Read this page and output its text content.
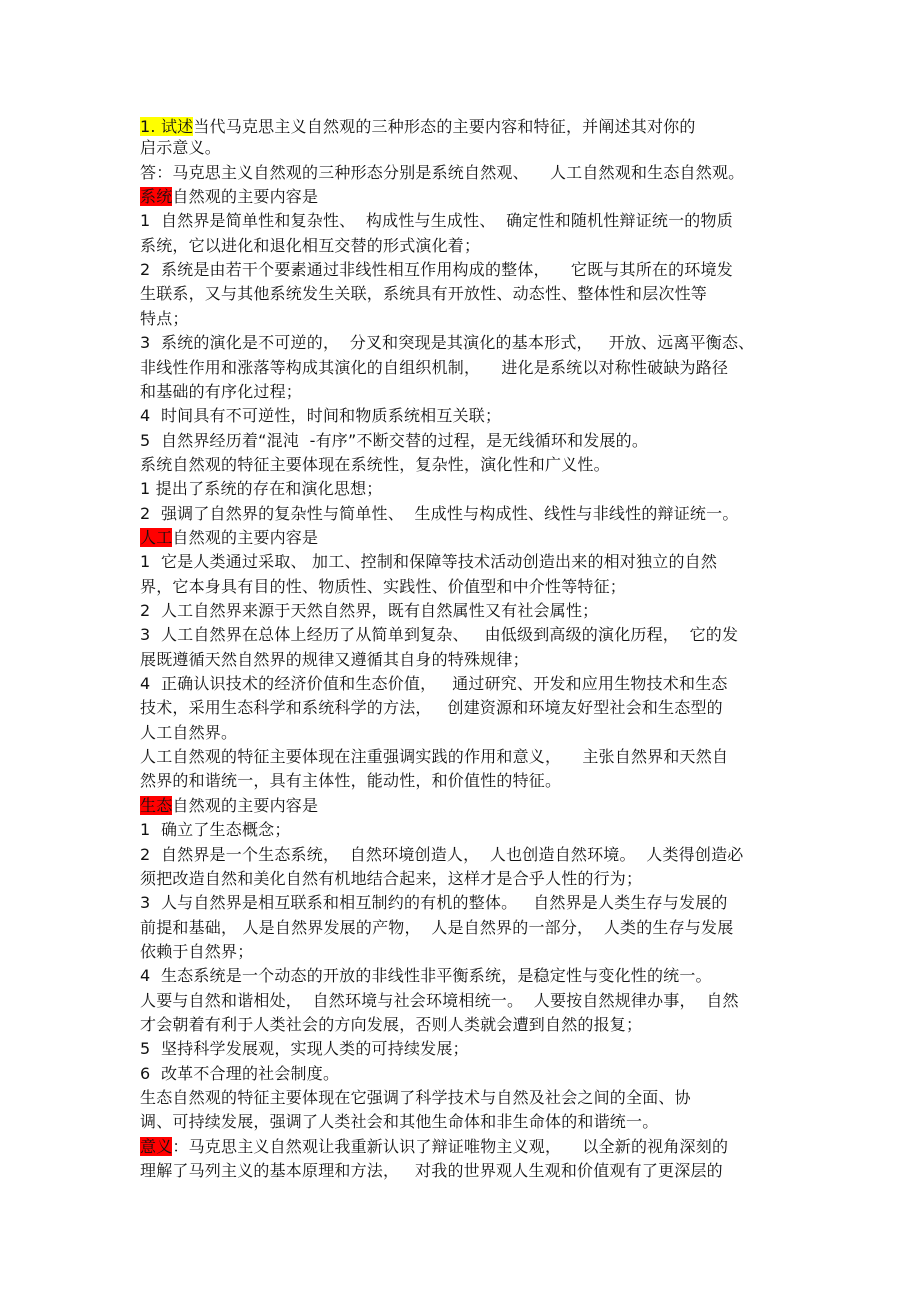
1. 试述当代马克思主义自然观的三种形态的主要内容和特征，并阐述其对你的
启示意义。
答：马克思主义自然观的三种形态分别是系统自然观、    人工自然观和生态自然观。
系统自然观的主要内容是
1  自然界是简单性和复杂性、  构成性与生成性、  确定性和随机性辩证统一的物质
系统，它以进化和退化相互交替的形式演化着；
2  系统是由若干个要素通过非线性相互作用构成的整体，    它既与其所在的环境发
生联系，又与其他系统发生关联，系统具有开放性、动态性、整体性和层次性等
特点；
3  系统的演化是不可逆的，  分叉和突现是其演化的基本形式，   开放、远离平衡态、
非线性作用和涨落等构成其演化的自组织机制，    进化是系统以对称性破缺为路径
和基础的有序化过程；
4  时间具有不可逆性，时间和物质系统相互关联；
5  自然界经历着“混沌  -有序”不断交替的过程，是无线循环和发展的。
系统自然观的特征主要体现在系统性，复杂性，演化性和广义性。
1 提出了系统的存在和演化思想；
2  强调了自然界的复杂性与简单性、  生成性与构成性、线性与非线性的辩证统一。
人工自然观的主要内容是
1  它是人类通过采取、 加工、控制和保障等技术活动创造出来的相对独立的自然
界，它本身具有目的性、物质性、实践性、价值型和中介性等特征；
2  人工自然界来源于天然自然界，既有自然属性又有社会属性；
3  人工自然界在总体上经历了从简单到复杂、   由低级到高级的演化历程，  它的发
展既遵循天然自然界的规律又遵循其自身的特殊规律；
4  正确认识技术的经济价值和生态价值，   通过研究、开发和应用生物技术和生态
技术，采用生态科学和系统科学的方法，   创建资源和环境友好型社会和生态型的
人工自然界。
人工自然观的特征主要体现在注重强调实践的作用和意义，    主张自然界和天然自
然界的和谐统一，具有主体性，能动性，和价值性的特征。
生态自然观的主要内容是
1  确立了生态概念；
2  自然界是一个生态系统，  自然环境创造人，  人也创造自然环境。  人类得创造必
须把改造自然和美化自然有机地结合起来，这样才是合乎人性的行为；
3  人与自然界是相互联系和相互制约的有机的整体。   自然界是人类生存与发展的
前提和基础， 人是自然界发展的产物，  人是自然界的一部分，  人类的生存与发展
依赖于自然界；
4  生态系统是一个动态的开放的非线性非平衡系统，是稳定性与变化性的统一。
人要与自然和谐相处，  自然环境与社会环境相统一。  人要按自然规律办事，  自然
才会朝着有利于人类社会的方向发展，否则人类就会遭到自然的报复；
5  坚持科学发展观，实现人类的可持续发展；
6  改革不合理的社会制度。
生态自然观的特征主要体现在它强调了科学技术与自然及社会之间的全面、协
调、可持续发展，强调了人类社会和其他生命体和非生命体的和谐统一。
意义：马克思主义自然观让我重新认识了辩证唯物主义观，    以全新的视角深刻的
理解了马列主义的基本原理和方法，   对我的世界观人生观和价值观有了更深层的
